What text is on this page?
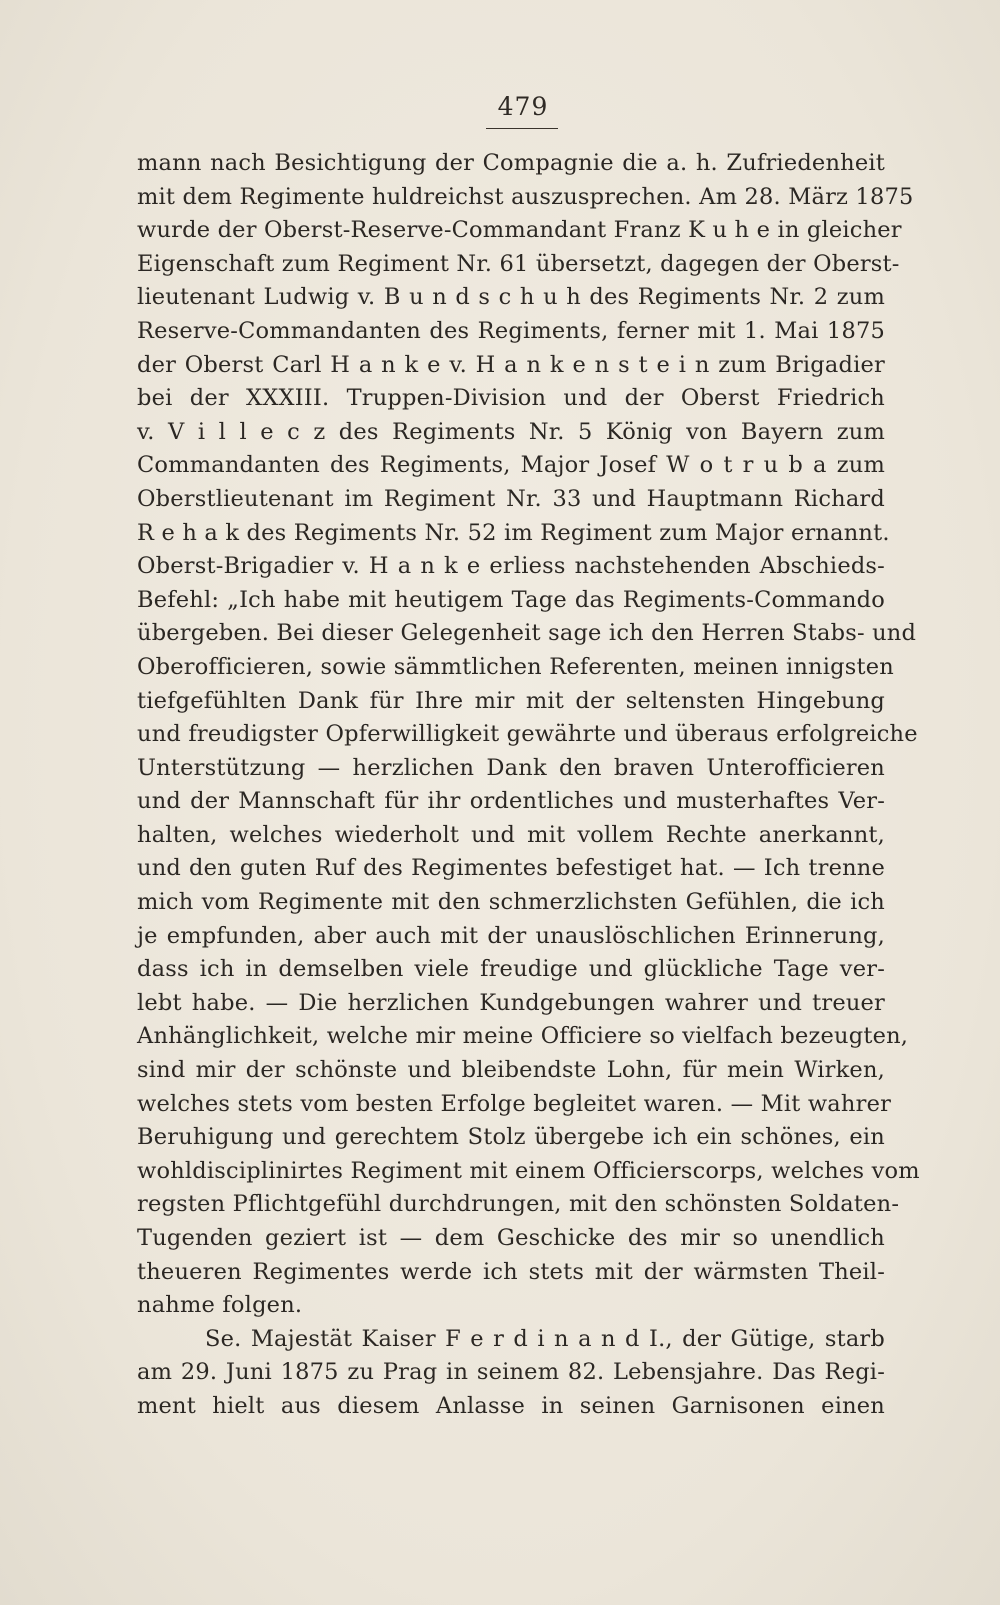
479
mann nach Besichtigung der Compagnie die a. h. Zufriedenheit
mit dem Regimente huldreichst auszusprechen. Am 28. März 1875
wurde der Oberst-Reserve-Commandant Franz K u h e in gleicher
Eigenschaft zum Regiment Nr. 61 übersetzt, dagegen der Oberst-
lieutenant Ludwig v. B u n d s c h u h des Regiments Nr. 2 zum
Reserve-Commandanten des Regiments, ferner mit 1. Mai 1875
der Oberst Carl H a n k e v. H a n k e n s t e i n zum Brigadier
bei der XXXIII. Truppen-Division und der Oberst Friedrich
v. V i l l e c z des Regiments Nr. 5 König von Bayern zum
Commandanten des Regiments, Major Josef W o t r u b a zum
Oberstlieutenant im Regiment Nr. 33 und Hauptmann Richard
R e h a k des Regiments Nr. 52 im Regiment zum Major ernannt.
Oberst-Brigadier v. H a n k e erliess nachstehenden Abschieds-
Befehl: „Ich habe mit heutigem Tage das Regiments-Commando
übergeben. Bei dieser Gelegenheit sage ich den Herren Stabs- und
Oberofficieren, sowie sämmtlichen Referenten, meinen innigsten
tiefgefühlten Dank für Ihre mir mit der seltensten Hingebung
und freudigster Opferwilligkeit gewährte und überaus erfolgreiche
Unterstützung — herzlichen Dank den braven Unterofficieren
und der Mannschaft für ihr ordentliches und musterhaftes Ver-
halten, welches wiederholt und mit vollem Rechte anerkannt,
und den guten Ruf des Regimentes befestiget hat. — Ich trenne
mich vom Regimente mit den schmerzlichsten Gefühlen, die ich
je empfunden, aber auch mit der unauslöschlichen Erinnerung,
dass ich in demselben viele freudige und glückliche Tage ver-
lebt habe. — Die herzlichen Kundgebungen wahrer und treuer
Anhänglichkeit, welche mir meine Officiere so vielfach bezeugten,
sind mir der schönste und bleibendste Lohn, für mein Wirken,
welches stets vom besten Erfolge begleitet waren. — Mit wahrer
Beruhigung und gerechtem Stolz übergebe ich ein schönes, ein
wohldisciplinirtes Regiment mit einem Officierscorps, welches vom
regsten Pflichtgefühl durchdrungen, mit den schönsten Soldaten-
Tugenden geziert ist — dem Geschicke des mir so unendlich
theueren Regimentes werde ich stets mit der wärmsten Theil-
nahme folgen.
Se. Majestät Kaiser F e r d i n a n d I., der Gütige, starb
am 29. Juni 1875 zu Prag in seinem 82. Lebensjahre. Das Regi-
ment hielt aus diesem Anlasse in seinen Garnisonen einen
